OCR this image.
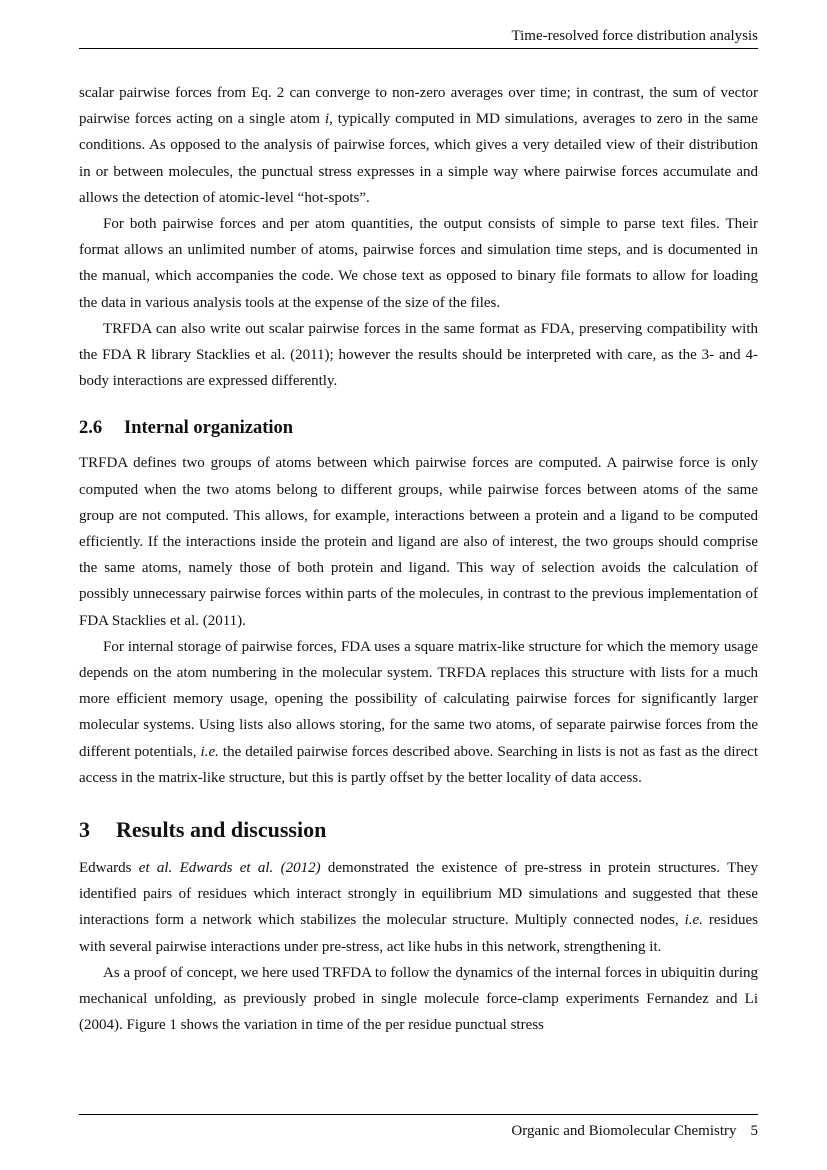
Time-resolved force distribution analysis

scalar pairwise forces from Eq. 2 can converge to non-zero averages over time; in contrast, the sum of vector pairwise forces acting on a single atom i, typically computed in MD simulations, averages to zero in the same conditions. As opposed to the analysis of pairwise forces, which gives a very detailed view of their distribution in or between molecules, the punctual stress expresses in a simple way where pairwise forces accumulate and allows the detection of atomic-level “hot-spots”.

For both pairwise forces and per atom quantities, the output consists of simple to parse text files. Their format allows an unlimited number of atoms, pairwise forces and simulation time steps, and is documented in the manual, which accompanies the code. We chose text as opposed to binary file formats to allow for loading the data in various analysis tools at the expense of the size of the files.

TRFDA can also write out scalar pairwise forces in the same format as FDA, preserving compatibility with the FDA R library Stacklies et al. (2011); however the results should be interpreted with care, as the 3- and 4-body interactions are expressed differently.

2.6 Internal organization

TRFDA defines two groups of atoms between which pairwise forces are computed. A pairwise force is only computed when the two atoms belong to different groups, while pairwise forces between atoms of the same group are not computed. This allows, for example, interactions between a protein and a ligand to be computed efficiently. If the interactions inside the protein and ligand are also of interest, the two groups should comprise the same atoms, namely those of both protein and ligand. This way of selection avoids the calculation of possibly unnecessary pairwise forces within parts of the molecules, in contrast to the previous implementation of FDA Stacklies et al. (2011).

For internal storage of pairwise forces, FDA uses a square matrix-like structure for which the memory usage depends on the atom numbering in the molecular system. TRFDA replaces this structure with lists for a much more efficient memory usage, opening the possibility of calculating pairwise forces for significantly larger molecular systems. Using lists also allows storing, for the same two atoms, of separate pairwise forces from the different potentials, i.e. the detailed pairwise forces described above. Searching in lists is not as fast as the direct access in the matrix-like structure, but this is partly offset by the better locality of data access.

3 Results and discussion

Edwards et al. Edwards et al. (2012) demonstrated the existence of pre-stress in protein structures. They identified pairs of residues which interact strongly in equilibrium MD simulations and suggested that these interactions form a network which stabilizes the molecular structure. Multiply connected nodes, i.e. residues with several pairwise interactions under pre-stress, act like hubs in this network, strengthening it.

As a proof of concept, we here used TRFDA to follow the dynamics of the internal forces in ubiquitin during mechanical unfolding, as previously probed in single molecule force-clamp experiments Fernandez and Li (2004). Figure 1 shows the variation in time of the per residue punctual stress

Organic and Biomolecular Chemistry 5
